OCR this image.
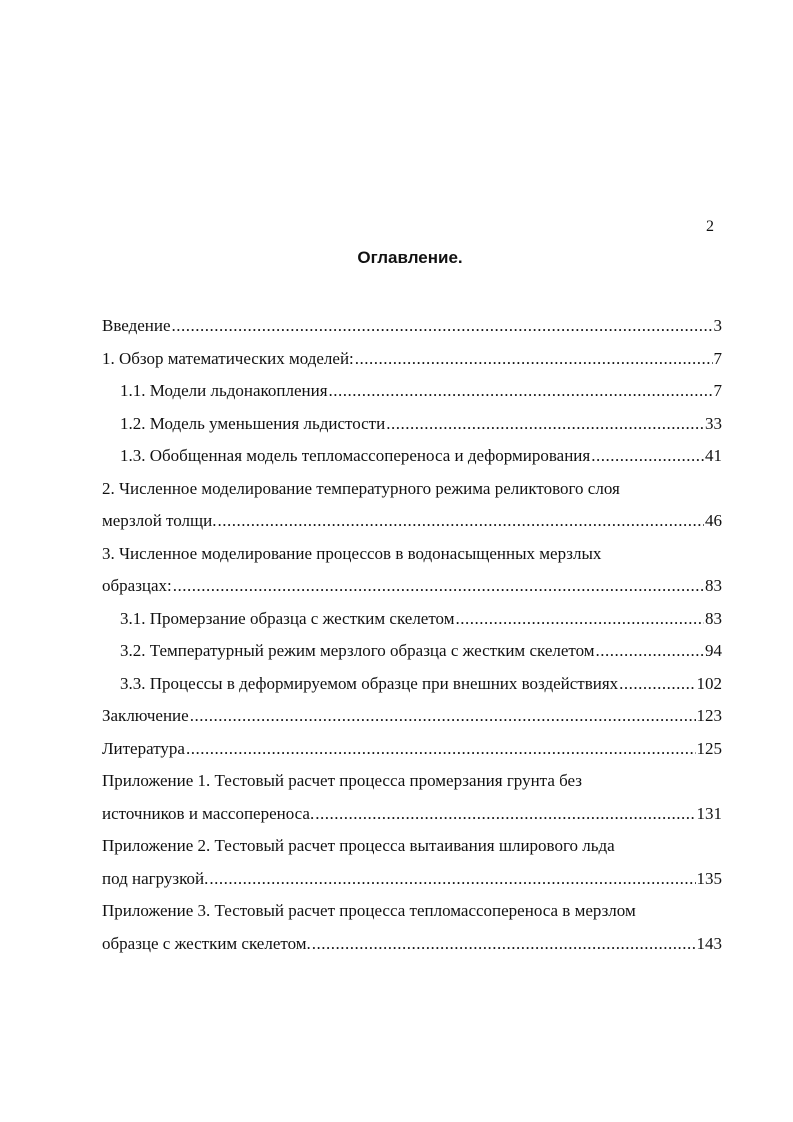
2
Оглавление.
Введение .....	3
1. Обзор математических моделей: .....	7
1.1. Модели льдонакопления .....	7
1.2. Модель уменьшения льдистости .....	33
1.3. Обобщенная модель тепломассопереноса и деформирования .....	41
2. Численное моделирование температурного режима реликтового слоя
мерзлой толщи. .....	46
3. Численное моделирование процессов в водонасыщенных мерзлых
образцах: .....	83
3.1. Промерзание образца с жестким скелетом .....	83
3.2. Температурный режим мерзлого образца с жестким скелетом .....	94
3.3. Процессы в деформируемом образце при внешних воздействиях .....	102
Заключение .....	123
Литература .....	125
Приложение 1. Тестовый расчет процесса промерзания грунта без
источников и массопереноса. .....	131
Приложение 2. Тестовый расчет процесса вытаивания шлирового льда
под нагрузкой. .....	135
Приложение 3. Тестовый расчет процесса тепломассопереноса в мерзлом
образце с жестким скелетом. .....	143
